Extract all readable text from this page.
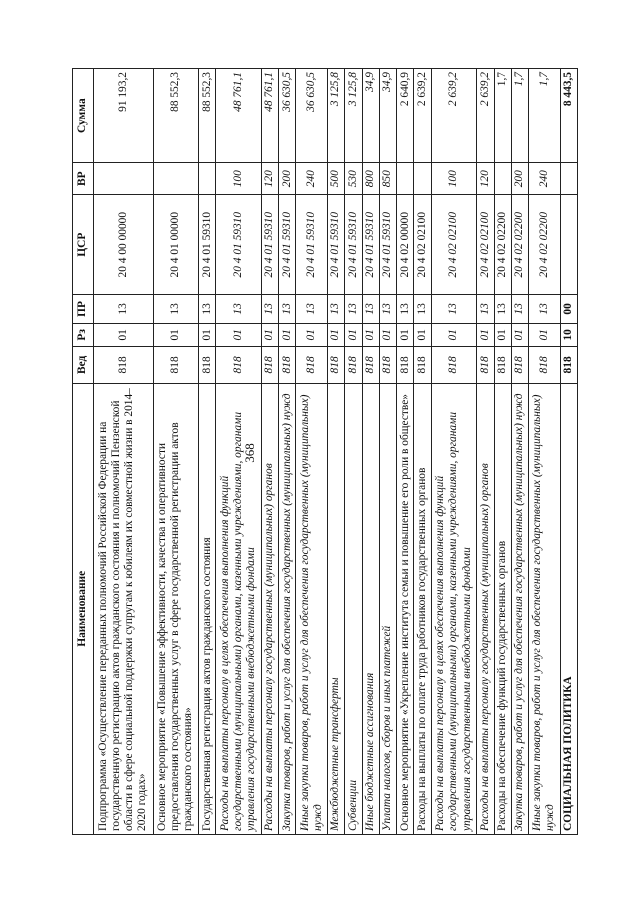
368
Наименование	Вед	Рз	ПР	ЦСР	ВР	Сумма
Подпрограмма «Осуществление переданных полномочий Российской Федерации на государственную регистрацию актов гражданского состояния и полномочий Пензенской области в сфере социальной поддержки супругам к юбилеям их совместной жизни в 2014–2020 годах»	818	01	13	20 4 00 00000		91 193,2
Основное мероприятие «Повышение эффективности, качества и оперативности предоставления государственных услуг в сфере государственной регистрации актов гражданского состояния»	818	01	13	20 4 01 00000		88 552,3
Государственная регистрация актов гражданского состояния	818	01	13	20 4 01 59310		88 552,3
Расходы на выплаты персоналу в целях обеспечения выполнения функций государственными (муниципальными) органами, казенными учреждениями, органами управления государственными внебюджетными фондами	818	01	13	20 4 01 59310	100	48 761,1
Расходы на выплаты персоналу государственных (муниципальных) органов	818	01	13	20 4 01 59310	120	48 761,1
Закупка товаров, работ и услуг для обеспечения государственных (муниципальных) нужд	818	01	13	20 4 01 59310	200	36 630,5
Иные закупки товаров, работ и услуг для обеспечения государственных (муниципальных) нужд	818	01	13	20 4 01 59310	240	36 630,5
Межбюджетные трансферты	818	01	13	20 4 01 59310	500	3 125,8
Субвенции	818	01	13	20 4 01 59310	530	3 125,8
Иные бюджетные ассигнования	818	01	13	20 4 01 59310	800	34,9
Уплата налогов, сборов и иных платежей	818	01	13	20 4 01 59310	850	34,9
Основное мероприятие «Укрепление института семьи и повышение его роли в обществе»	818	01	13	20 4 02 00000		2 640,9
Расходы на выплаты по оплате труда работников государственных органов	818	01	13	20 4 02 02100		2 639,2
Расходы на выплаты персоналу в целях обеспечения выполнения функций государственными (муниципальными) органами, казенными учреждениями, органами управления государственными внебюджетными фондами	818	01	13	20 4 02 02100	100	2 639,2
Расходы на выплаты персоналу государственных (муниципальных) органов	818	01	13	20 4 02 02100	120	2 639,2
Расходы на обеспечение функций государственных органов	818	01	13	20 4 02 02200		1,7
Закупка товаров, работ и услуг для обеспечения государственных (муниципальных) нужд	818	01	13	20 4 02 02200	200	1,7
Иные закупки товаров, работ и услуг для обеспечения государственных (муниципальных) нужд	818	01	13	20 4 02 02200	240	1,7
СОЦИАЛЬНАЯ ПОЛИТИКА	818	10	00			8 443,5
